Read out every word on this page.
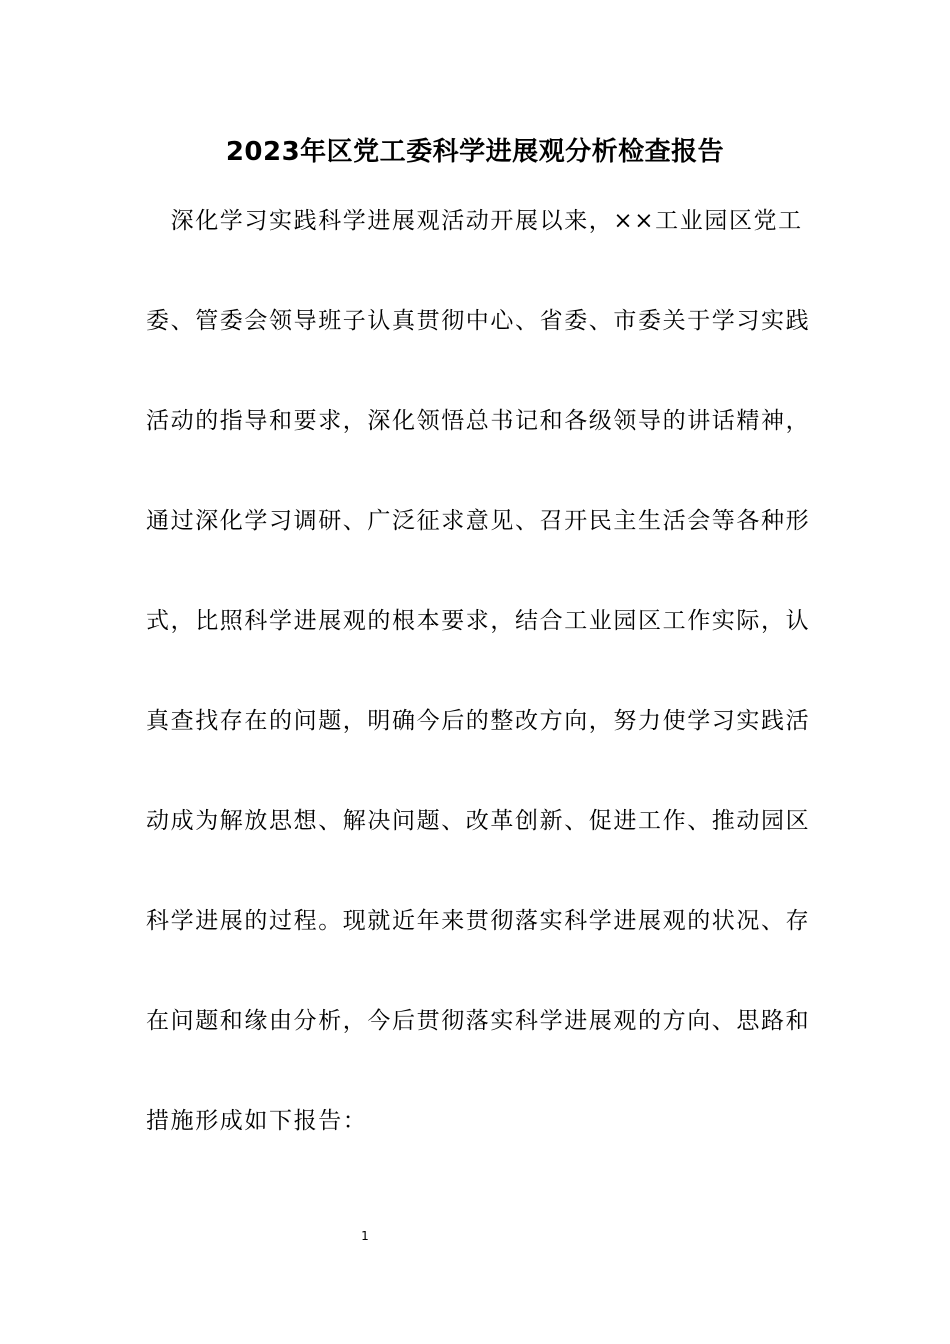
2023年区党工委科学进展观分析检查报告
　深化学习实践科学进展观活动开展以来，××工业园区党工
委、管委会领导班子认真贯彻中心、省委、市委关于学习实践
活动的指导和要求，深化领悟总书记和各级领导的讲话精神，
通过深化学习调研、广泛征求意见、召开民主生活会等各种形
式，比照科学进展观的根本要求，结合工业园区工作实际，认
真查找存在的问题，明确今后的整改方向，努力使学习实践活
动成为解放思想、解决问题、改革创新、促进工作、推动园区
科学进展的过程。现就近年来贯彻落实科学进展观的状况、存
在问题和缘由分析，今后贯彻落实科学进展观的方向、思路和
措施形成如下报告：
1
